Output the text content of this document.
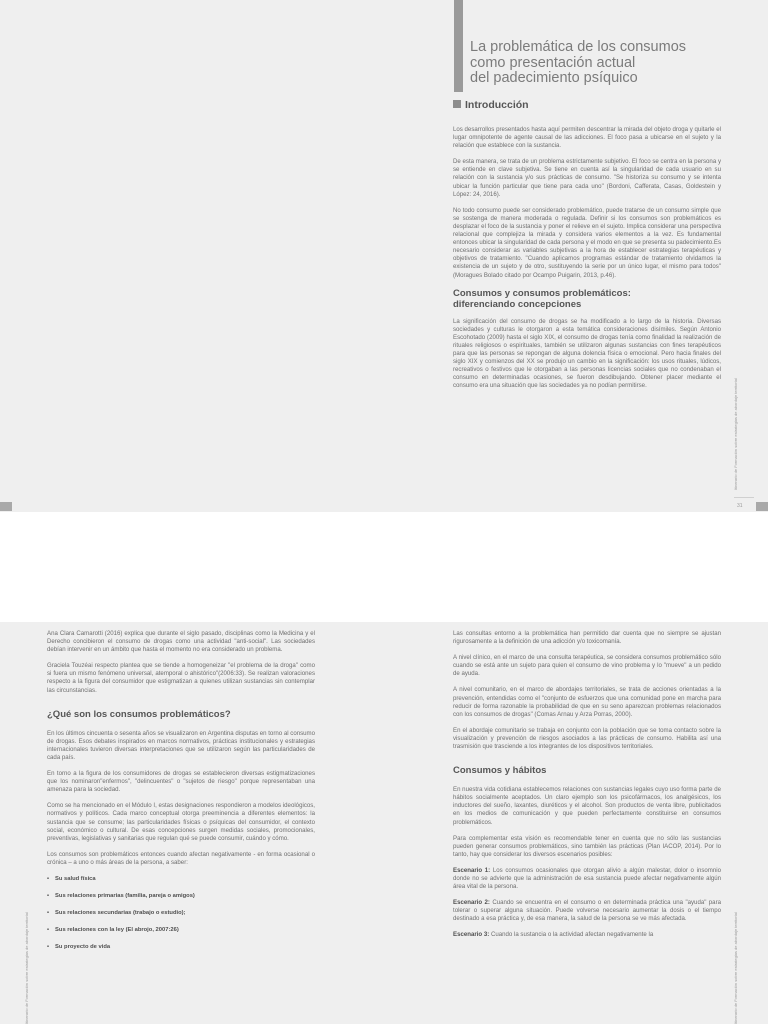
La problemática de los consumos
como presentación actual
del padecimiento psíquico
Introducción

Los desarrollos presentados hasta aquí permiten descentrar la mirada del objeto droga y quitarle el lugar omnipotente de agente causal de las adicciones. El foco pasa a ubicarse en el sujeto y la relación que establece con la sustancia.

De esta manera, se trata de un problema estrictamente subjetivo. El foco se centra en la persona y se entiende en clave subjetiva. Se tiene en cuenta así la singularidad de cada usuario en su relación con la sustancia y/o sus prácticas de consumo. "Se historiza su consumo y se intenta ubicar la función particular que tiene para cada uno" (Bordoni, Cafferata, Casas, Goldestein y López: 24, 2016).

No todo consumo puede ser considerado problemático, puede tratarse de un consumo simple que se sostenga de manera moderada o regulada. Definir si los consumos son problemáticos es desplazar el foco de la sustancia y poner el relieve en el sujeto. Implica considerar una perspectiva relacional que complejiza la mirada y considera varios elementos a la vez. Es fundamental entonces ubicar la singularidad de cada persona y el modo en que se presenta su padecimiento.Es necesario considerar as variables subjetivas a la hora de establecer estrategias terapéuticas y objetivos de tratamiento. "Cuando aplicamos programas estándar de tratamiento olvidamos la existencia de un sujeto y de otro, sustituyendo la serie por un único lugar, el mismo para todos" (Moragues Bolado citado por Ocampo Puigarin, 2013, p.46).

Consumos y consumos problemáticos:
diferenciando concepciones

La significación del consumo de drogas se ha modificado a lo largo de la historia. Diversas sociedades y culturas le otorgaron a esta temática consideraciones disímiles. Según Antonio Escohotado (2009) hasta el siglo XIX, el consumo de drogas tenía como finalidad la realización de rituales religiosos o espirituales, también se utilizaron algunas sustancias con fines terapéuticos para que las personas se repongan de alguna dolencia física o emocional. Pero hacia finales del siglo XIX y comienzos del XX se produjo un cambio en la significación: los usos rituales, lúdicos, recreativos o festivos que le otorgaban a las personas licencias sociales que no condenaban el consumo en determinadas ocasiones, se fueron desdibujando. Obtener placer mediante el consumo era una situación que las sociedades ya no podían permitirse.	Itinerario de Formación sobre estrategias de abordaje territorial
31

Ana Clara Camarotti (2016) explica que durante el siglo pasado, disciplinas como la Medicina y el Derecho concibieron el consumo de drogas como una actividad "anti-social". Las sociedades debían intervenir en un ámbito que hasta el momento no era considerado un problema.

Graciela Touzéai respecto plantea que se tiende a homogeneizar "el problema de la droga" como si fuera un mismo fenómeno universal, atemporal o ahistórico"(2006:33). Se realizan valoraciones respecto a la figura del consumidor que estigmatizan a quienes utilizan sustancias sin contemplar las circunstancias.

¿Qué son los consumos problemáticos?

En los últimos cincuenta o sesenta años se visualizaron en Argentina disputas en torno al consumo de drogas. Esos debates inspirados en marcos normativos, prácticas institucionales y estrategias internacionales tuvieron diversas interpretaciones que se utilizaron según las particularidades de cada país.

En torno a la figura de los consumidores de drogas se establecieron diversas estigmatizaciones que los nominaron"enfermos", "delincuentes" o "sujetos de riesgo" porque representaban una amenaza para la sociedad.

Como se ha mencionado en el Módulo I, estas designaciones respondieron a modelos ideológicos, normativos y políticos. Cada marco conceptual otorga preeminencia a diferentes elementos: la sustancia que se consume; las particularidades físicas o psíquicas del consumidor, el contexto social, económico o cultural. De esas concepciones surgen medidas sociales, promocionales, preventivas, legislativas y sanitarias que regulan qué se puede consumir, cuándo y cómo.

Los consumos son problemáticos entonces cuando afectan negativamente - en forma ocasional o crónica – a uno o más áreas de la persona, a saber:

• Su salud física
• Sus relaciones primarias (familia, pareja o amigos)
• Sus relaciones secundarias (trabajo o estudio);
• Sus relaciones con la ley (El abrojo, 2007:26)
• Su proyecto de vida

Las consultas entorno a la problemática han permitido dar cuenta que no siempre se ajustan rigurosamente a la definición de una adicción y/o toxicomanía.

A nivel clínico, en el marco de una consulta terapéutica, se considera consumos problemático sólo cuando se está ante un sujeto para quien el consumo de vino problema y lo "mueve" a un pedido de ayuda.

A nivel comunitario, en el marco de abordajes territoriales, se trata de acciones orientadas a la prevención, entendidas como el "conjunto de esfuerzos que una comunidad pone en marcha para reducir de forma razonable la probabilidad de que en su seno aparezcan problemas relacionados con los consumos de drogas" (Comas Arnau y Arza Porras, 2000).

En el abordaje comunitario se trabaja en conjunto con la población que se toma contacto sobre la visualización y prevención de riesgos asociados a las prácticas de consumo. Habilita así una trasmisión que trasciende a los integrantes de los dispositivos territoriales.

Consumos y hábitos

En nuestra vida cotidiana establecemos relaciones con sustancias legales cuyo uso forma parte de hábitos socialmente aceptados. Un claro ejemplo son los psicofármacos, los analgésicos, los inductores del sueño, laxantes, diuréticos y el alcohol. Son productos de venta libre, publicitados en los medios de comunicación y que pueden perfectamente constituirse en consumos problemáticos.

Para complementar esta visión es recomendable tener en cuenta que no sólo las sustancias pueden generar consumos problemáticos, sino también las prácticas (Plan IACOP, 2014). Por lo tanto, hay que considerar los diversos escenarios posibles:

Escenario 1: Los consumos ocasionales que otorgan alivio a algún malestar, dolor o insomnio donde no se advierte que la administración de esa sustancia puede afectar negativamente algún área vital de la persona.

Escenario 2: Cuando se encuentra en el consumo o en determinada práctica una "ayuda" para tolerar o superar alguna situación. Puede volverse necesario aumentar la dosis o el tiempo destinado a esa práctica y, de esa manera, la salud de la persona se ve más afectada.

Escenario 3: Cuando la sustancia o la actividad afectan negativamente la

Itinerario de Formación sobre estrategias de abordaje territorial	Itinerario de Formación sobre estrategias de abordaje territorial
